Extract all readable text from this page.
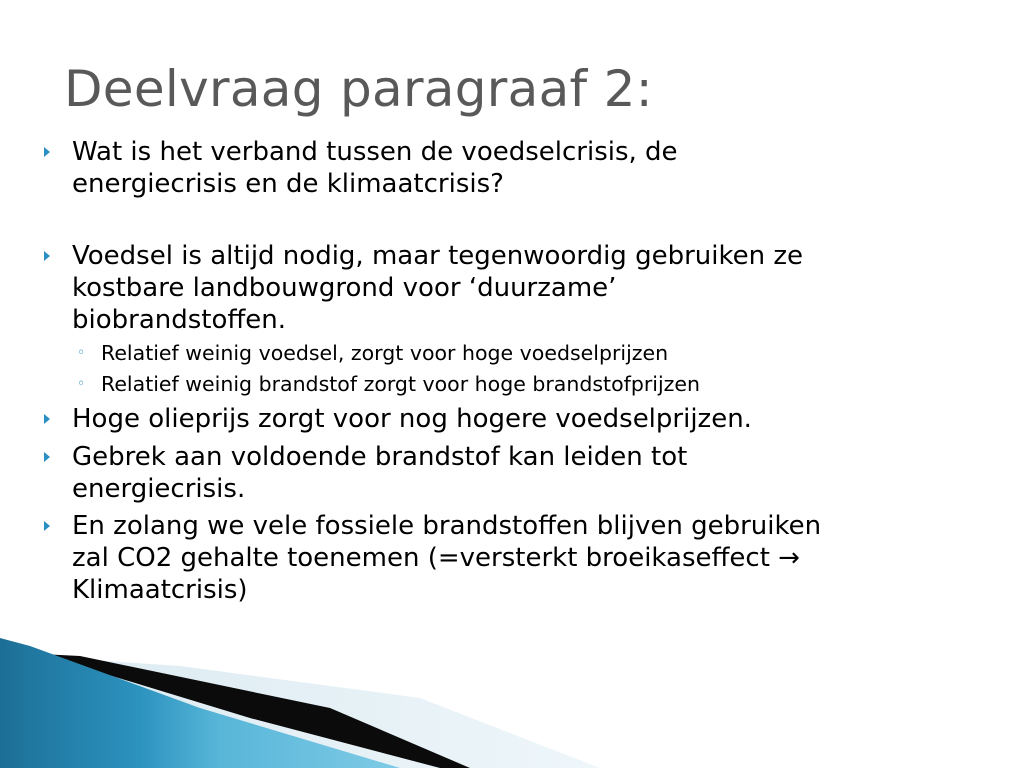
Deelvraag paragraaf 2:
Wat is het verband tussen de voedselcrisis, de
energiecrisis en de klimaatcrisis?
Voedsel is altijd nodig, maar tegenwoordig gebruiken ze
kostbare landbouwgrond voor ‘duurzame’
biobrandstoffen.
◦ Relatief weinig voedsel, zorgt voor hoge voedselprijzen
◦ Relatief weinig brandstof zorgt voor hoge brandstofprijzen
Hoge olieprijs zorgt voor nog hogere voedselprijzen.
Gebrek aan voldoende brandstof kan leiden tot
energiecrisis.
En zolang we vele fossiele brandstoffen blijven gebruiken
zal CO2 gehalte toenemen (=versterkt broeikaseffect →
Klimaatcrisis)
